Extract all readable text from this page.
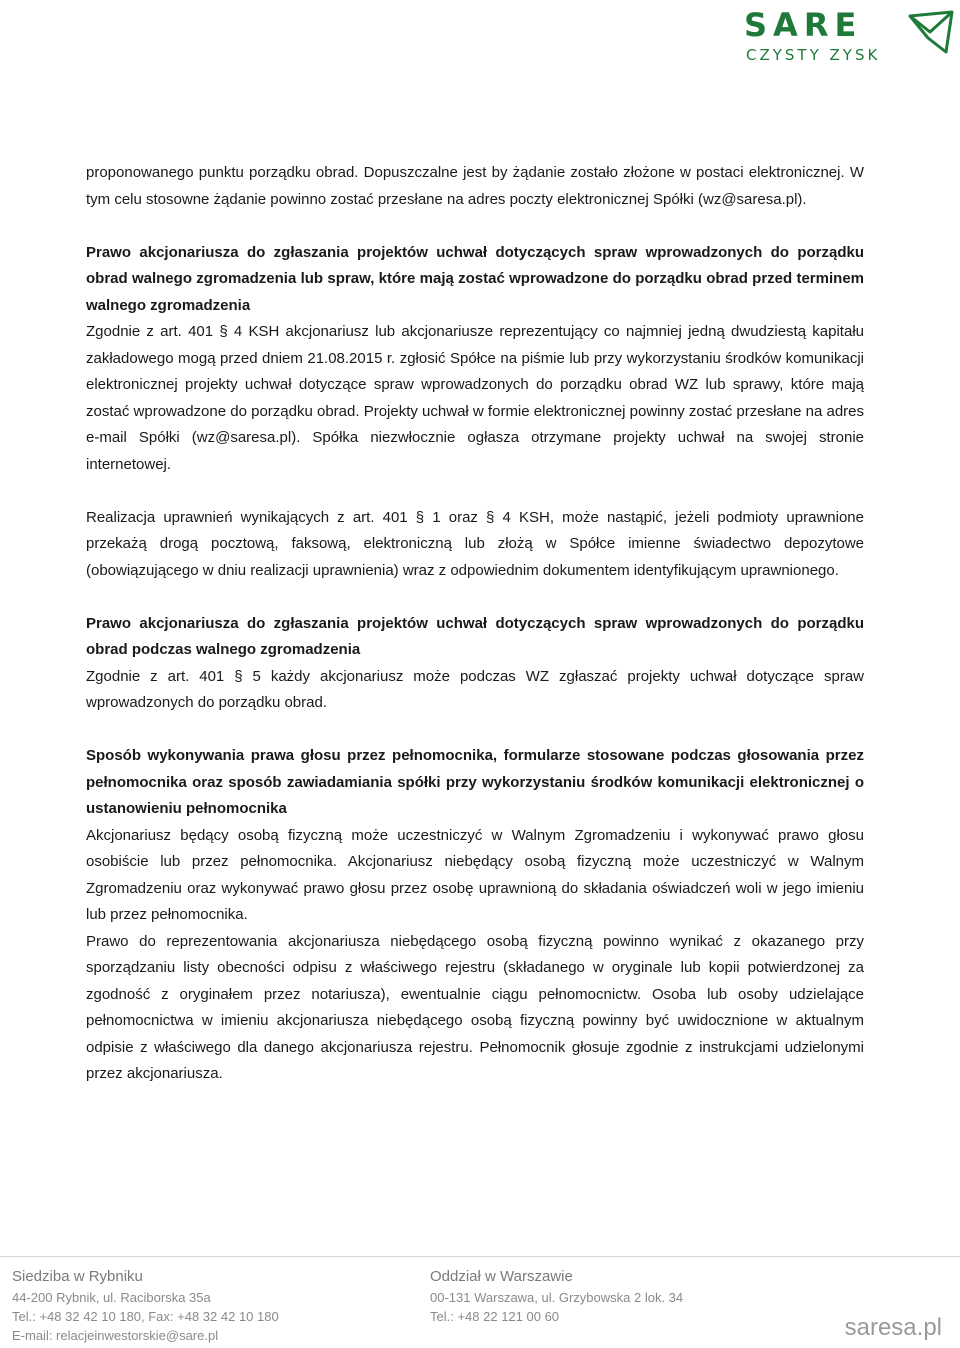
SARE
CZYSTY ZYSK

proponowanego punktu porządku obrad. Dopuszczalne jest by żądanie zostało złożone w postaci elektronicznej. W tym celu stosowne żądanie powinno zostać przesłane na adres poczty elektronicznej Spółki (wz@saresa.pl).

Prawo akcjonariusza do zgłaszania projektów uchwał dotyczących spraw wprowadzonych do porządku obrad walnego zgromadzenia lub spraw, które mają zostać wprowadzone do porządku obrad przed terminem walnego zgromadzenia

Zgodnie z art. 401 § 4 KSH akcjonariusz lub akcjonariusze reprezentujący co najmniej jedną dwudziestą kapitału zakładowego mogą przed dniem 21.08.2015 r. zgłosić Spółce na piśmie lub przy wykorzystaniu środków komunikacji elektronicznej projekty uchwał dotyczące spraw wprowadzonych do porządku obrad WZ lub sprawy, które mają zostać wprowadzone do porządku obrad. Projekty uchwał w formie elektronicznej powinny zostać przesłane na adres e-mail Spółki (wz@saresa.pl). Spółka niezwłocznie ogłasza otrzymane projekty uchwał na swojej stronie internetowej.

Realizacja uprawnień wynikających z art. 401 § 1 oraz § 4 KSH, może nastąpić, jeżeli podmioty uprawnione przekażą drogą pocztową, faksową, elektroniczną lub złożą w Spółce imienne świadectwo depozytowe (obowiązującego w dniu realizacji uprawnienia) wraz z odpowiednim dokumentem identyfikującym uprawnionego.

Prawo akcjonariusza do zgłaszania projektów uchwał dotyczących spraw wprowadzonych do porządku obrad podczas walnego zgromadzenia

Zgodnie z art. 401 § 5 każdy akcjonariusz może podczas WZ zgłaszać projekty uchwał dotyczące spraw wprowadzonych do porządku obrad.

Sposób wykonywania prawa głosu przez pełnomocnika, formularze stosowane podczas głosowania przez pełnomocnika oraz sposób zawiadamiania spółki przy wykorzystaniu środków komunikacji elektronicznej o ustanowieniu pełnomocnika

Akcjonariusz będący osobą fizyczną może uczestniczyć w Walnym Zgromadzeniu i wykonywać prawo głosu osobiście lub przez pełnomocnika. Akcjonariusz niebędący osobą fizyczną może uczestniczyć w Walnym Zgromadzeniu oraz wykonywać prawo głosu przez osobę uprawnioną do składania oświadczeń woli w jego imieniu lub przez pełnomocnika.

Prawo do reprezentowania akcjonariusza niebędącego osobą fizyczną powinno wynikać z okazanego przy sporządzaniu listy obecności odpisu z właściwego rejestru (składanego w oryginale lub kopii potwierdzonej za zgodność z oryginałem przez notariusza), ewentualnie ciągu pełnomocnictw. Osoba lub osoby udzielające pełnomocnictwa w imieniu akcjonariusza niebędącego osobą fizyczną powinny być uwidocznione w aktualnym odpisie z właściwego dla danego akcjonariusza rejestru. Pełnomocnik głosuje zgodnie z instrukcjami udzielonymi przez akcjonariusza.

Siedziba w Rybniku
44-200 Rybnik, ul. Raciborska 35a
Tel.: +48 32 42 10 180, Fax: +48 32 42 10 180
E-mail: relacjeinwestorskie@sare.pl
Oddział w Warszawie
00-131 Warszawa, ul. Grzybowska 2 lok. 34
Tel.: +48 22 121 00 60	saresa.pl
